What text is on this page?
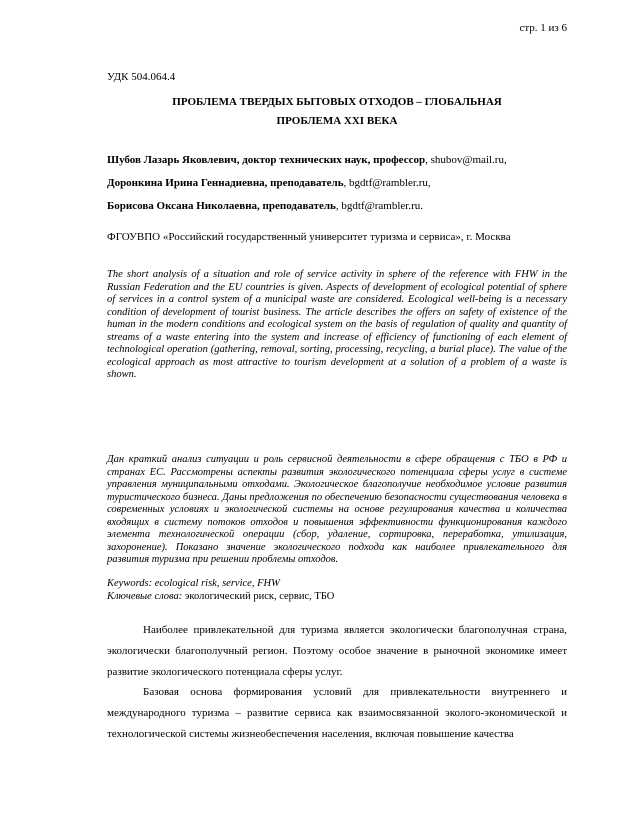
стр. 1 из 6
УДК 504.064.4
ПРОБЛЕМА ТВЕРДЫХ БЫТОВЫХ ОТХОДОВ – ГЛОБАЛЬНАЯ
ПРОБЛЕМА XXI ВЕКА
Шубов Лазарь Яковлевич, доктор технических наук, профессор, shubov@mail.ru,
Доронкина Ирина Геннадиевна, преподаватель, bgdtf@rambler.ru,
Борисова Оксана Николаевна, преподаватель, bgdtf@rambler.ru.
ФГОУВПО «Российский государственный университет туризма и сервиса», г. Москва

The short analysis of a situation and role of service activity in sphere of the reference with FHW in the Russian Federation and the EU countries is given. Aspects of development of ecological potential of sphere of services in a control system of a municipal waste are considered. Ecological well-being is a necessary condition of development of tourist business. The article describes the offers on safety of existence of the human in the modern conditions and ecological system on the basis of regulation of quality and quantity of streams of a waste entering into the system and increase of efficiency of functioning of each element of technological operation (gathering, removal, sorting, processing, recycling, a burial place). The value of the ecological approach as most attractive to tourism development at a solution of a problem of a waste is shown.

Дан краткий анализ ситуации и роль сервисной деятельности в сфере обращения с ТБО в РФ и странах ЕС. Рассмотрены аспекты развития экологического потенциала сферы услуг в системе управления муниципальными отходами. Экологическое благополучие необходимое условие развития туристического бизнеса. Даны предложения по обеспечению безопасности существования человека в современных условиях и экологической системы на основе регулирования качества и количества входящих в систему потоков отходов и повышения эффективности функционирования каждого элемента технологической операции (сбор, удаление, сортировка, переработка, утилизация, захоронение). Показано значение экологического подхода как наиболее привлекательного для развития туризма при решении проблемы отходов.

Keywords: ecological risk, service, FHW
Ключевые слова: экологический риск, сервис, ТБО

Наиболее привлекательной для туризма является экологически благополучная страна, экологически благополучный регион. Поэтому особое значение в рыночной экономике имеет развитие экологического потенциала сферы услуг.

Базовая основа формирования условий для привлекательности внутреннего и международного туризма – развитие сервиса как взаимосвязанной эколого-экономической и технологической системы жизнеобеспечения населения, включая повышение качества
